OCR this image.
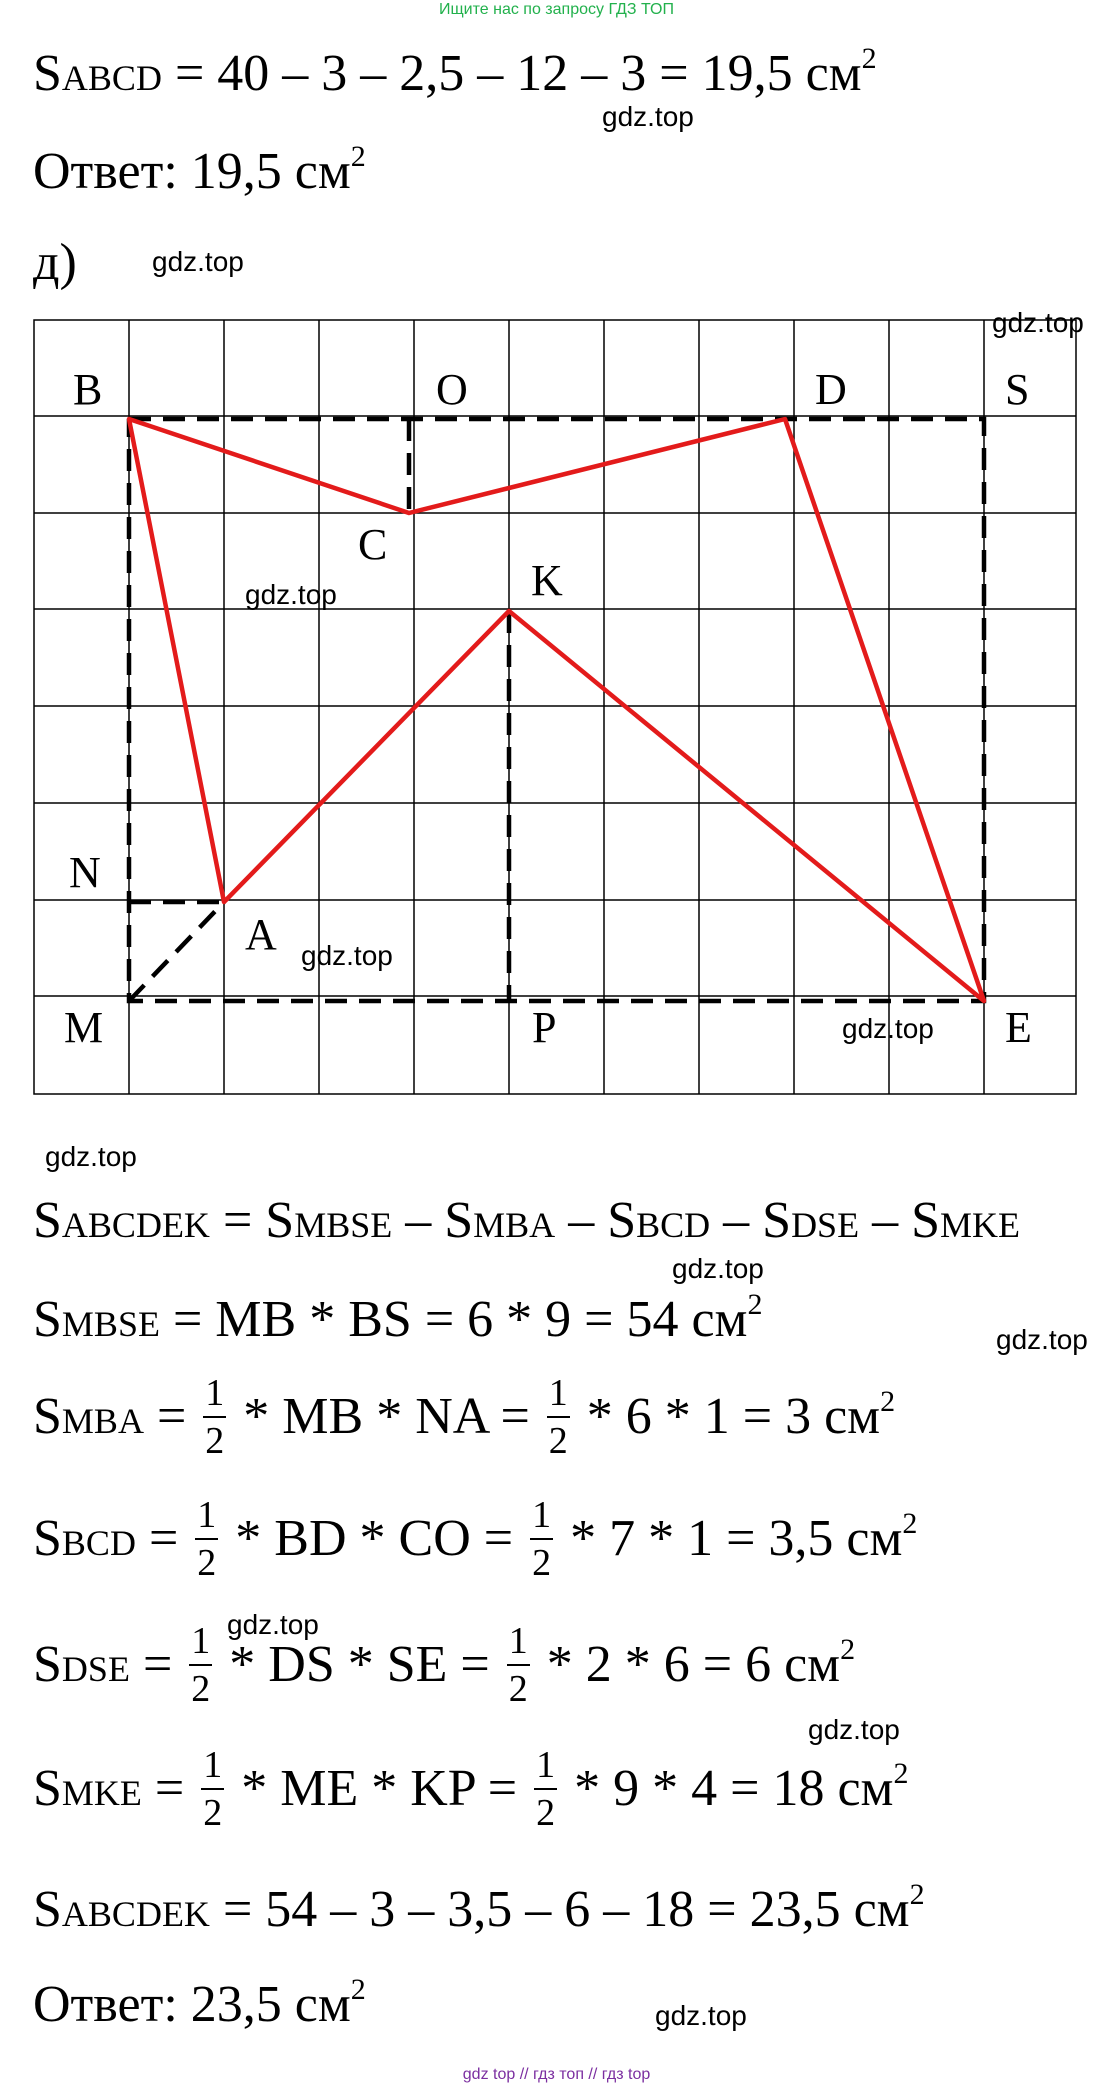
Ищите нас по запросу ГДЗ ТОП
SABCD = 40 – 3 – 2,5 – 12 – 3 = 19,5 $см^2$
gdz.top
Ответ: 19,5 $см^2$
д)	gdz.top
gdz.top
B	O	D	S
C
K
N
A
M	P	E
gdz.top
gdz.top
gdz.top
gdz.top
SABCDEK = SMBSE – SMBA – SBCD – SDSE – SMKE
gdz.top
SMBSE = MB * BS = 6 * 9 = 54 $см^2$
gdz.top
SMBA = $\frac{1}{2}$ * MB * NA = $\frac{1}{2} * 6 * 1 = 3$ $см^2$
SBCD = $\frac{1}{2}$ * BD * CO = $\frac{1}{2} * 7 * 1 = 3,5$ $см^2$
gdz.top
SDSE = $\frac{1}{2}$ * DS * SE = $\frac{1}{2} * 2 * 6 = 6$ $см^2$
gdz.top
SMKE = $\frac{1}{2}$ * ME * KP = $\frac{1}{2} * 9 * 4 = 18$ $см^2$
SABCDEK = 54 – 3 – 3,5 – 6 – 18 = 23,5 $см^2$
Ответ: 23,5 $см^2$
gdz.top
gdz top // гдз топ // гдз top
